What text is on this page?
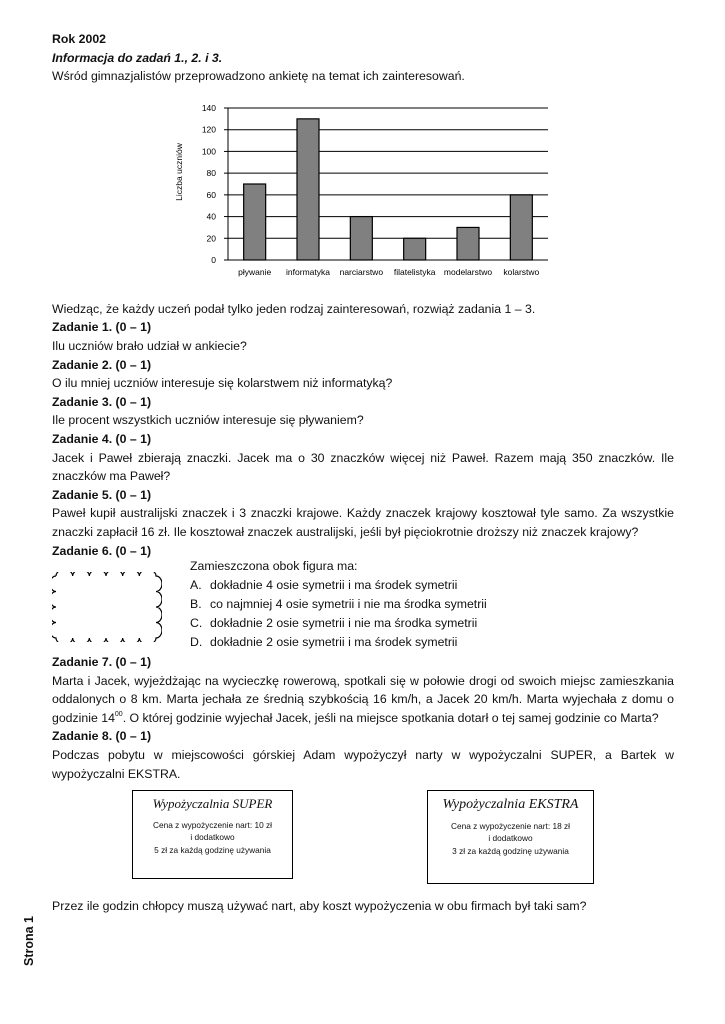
Rok 2002

Informacja do zadań 1., 2. i 3.

Wśród gimnazjalistów przeprowadzono ankietę na temat ich zainteresowań.

Wiedząc, że każdy uczeń podał tylko jeden rodzaj zainteresowań, rozwiąż zadania 1 – 3.

Zadanie 1. (0 – 1)

Ilu uczniów brało udział w ankiecie?

Zadanie 2. (0 – 1)

O ilu mniej uczniów interesuje się kolarstwem niż informatyką?

Zadanie 3. (0 – 1)

Ile procent wszystkich uczniów interesuje się pływaniem?

Zadanie 4. (0 – 1)

Jacek i Paweł zbierają znaczki. Jacek ma o 30 znaczków więcej niż Paweł. Razem mają 350 znaczków. Ile znaczków ma Paweł?

Zadanie 5. (0 – 1)

Paweł kupił australijski znaczek i 3 znaczki krajowe. Każdy znaczek krajowy kosztował tyle samo. Za wszystkie znaczki zapłacił 16 zł. Ile kosztował znaczek australijski, jeśli był pięciokrotnie droższy niż znaczek krajowy?

Zadanie 6. (0 – 1)

Zadanie 7. (0 – 1)

Marta i Jacek, wyjeżdżając na wycieczkę rowerową, spotkali się w połowie drogi od swoich miejsc zamieszkania oddalonych o 8 km. Marta jechała ze średnią szybkością 16 km/h, a Jacek 20 km/h. Marta wyjechała z domu o godzinie $14^{00}$. O której godzinie wyjechał Jacek, jeśli na miejsce spotkania dotarł o tej samej godzinie co Marta?

Zadanie 8. (0 – 1)

Podczas pobytu w miejscowości górskiej Adam wypożyczył narty w wypożyczalni SUPER, a Bartek w wypożyczalni EKSTRA.

0
20
40
60
80
100
120
140
Liczba uczniów
pływanie informatyka narciarstwo filatelistyka modelarstwo kolarstwo
Zamieszczona obok figura ma:
A. dokładnie 4 osie symetrii i ma środek symetrii
B. co najmniej 4 osie symetrii i nie ma środka symetrii
C. dokładnie 2 osie symetrii i nie ma środka symetrii
D. dokładnie 2 osie symetrii i ma środek symetrii
Wypożyczalnia SUPER
Cena z wypożyczenie nart: 10 zł
i dodatkowo
5 zł za każdą godzinę używania
Wypożyczalnia EKSTRA
Cena z wypożyczenie nart: 18 zł
i dodatkowo
3 zł za każdą godzinę używania

Przez ile godzin chłopcy muszą używać nart, aby koszt wypożyczenia w obu firmach był taki sam?

Strona 1
